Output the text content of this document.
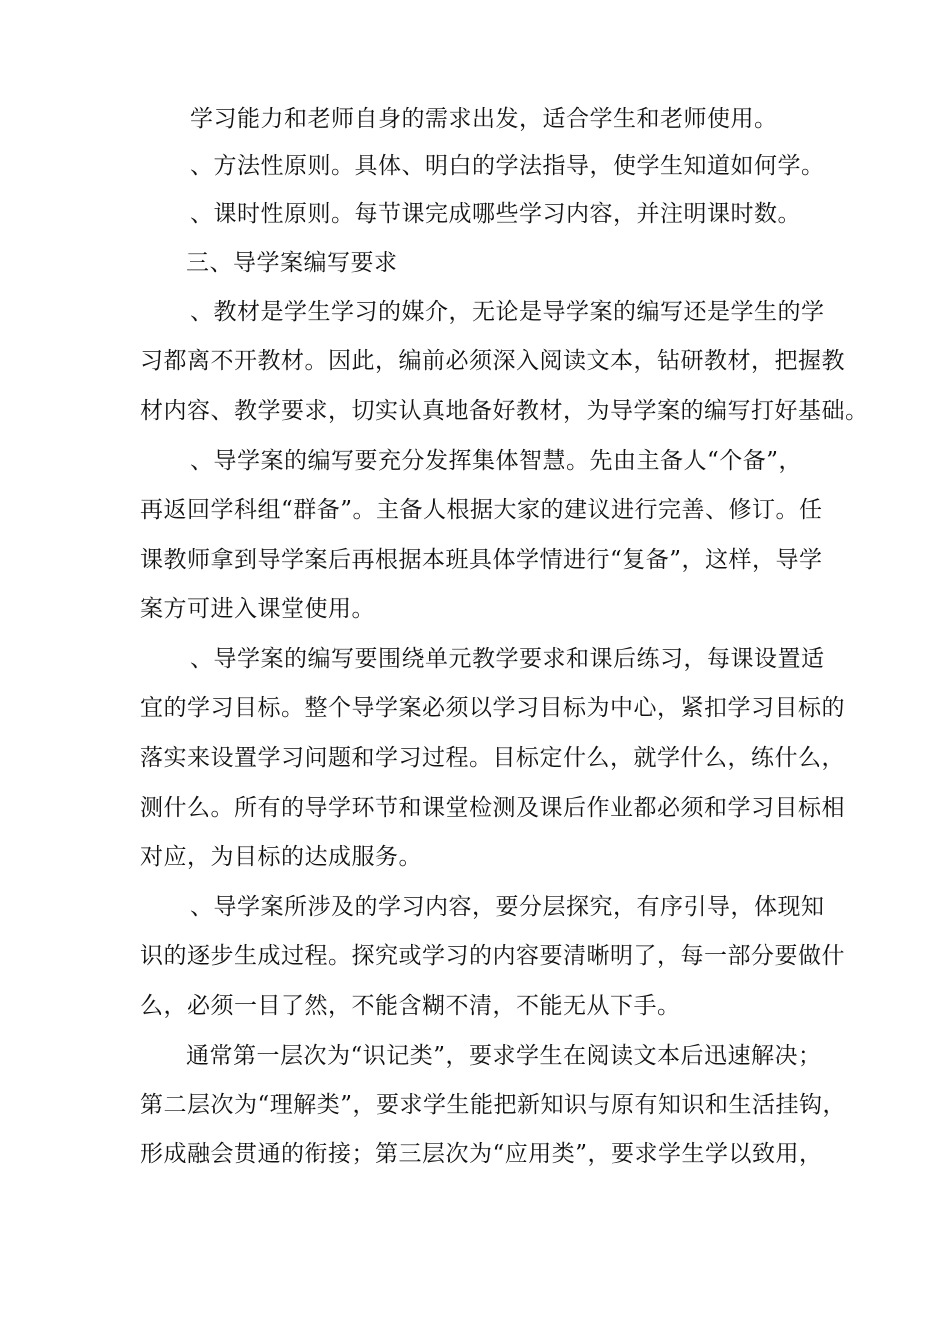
学习能力和老师自身的需求出发，适合学生和老师使用。
、方法性原则。具体、明白的学法指导，使学生知道如何学。
、课时性原则。每节课完成哪些学习内容，并注明课时数。
三、导学案编写要求
、教材是学生学习的媒介，无论是导学案的编写还是学生的学
习都离不开教材。因此，编前必须深入阅读文本，钻研教材，把握教
材内容、教学要求，切实认真地备好教材，为导学案的编写打好基础。
、导学案的编写要充分发挥集体智慧。先由主备人“个备”，
再返回学科组“群备”。主备人根据大家的建议进行完善、修订。任
课教师拿到导学案后再根据本班具体学情进行“复备”，这样，导学
案方可进入课堂使用。
、导学案的编写要围绕单元教学要求和课后练习，每课设置适
宜的学习目标。整个导学案必须以学习目标为中心，紧扣学习目标的
落实来设置学习问题和学习过程。目标定什么，就学什么，练什么，
测什么。所有的导学环节和课堂检测及课后作业都必须和学习目标相
对应，为目标的达成服务。
、导学案所涉及的学习内容，要分层探究，有序引导，体现知
识的逐步生成过程。探究或学习的内容要清晰明了，每一部分要做什
么，必须一目了然，不能含糊不清，不能无从下手。
通常第一层次为“识记类”，要求学生在阅读文本后迅速解决；
第二层次为“理解类”，要求学生能把新知识与原有知识和生活挂钩，
形成融会贯通的衔接；第三层次为“应用类”，要求学生学以致用，
